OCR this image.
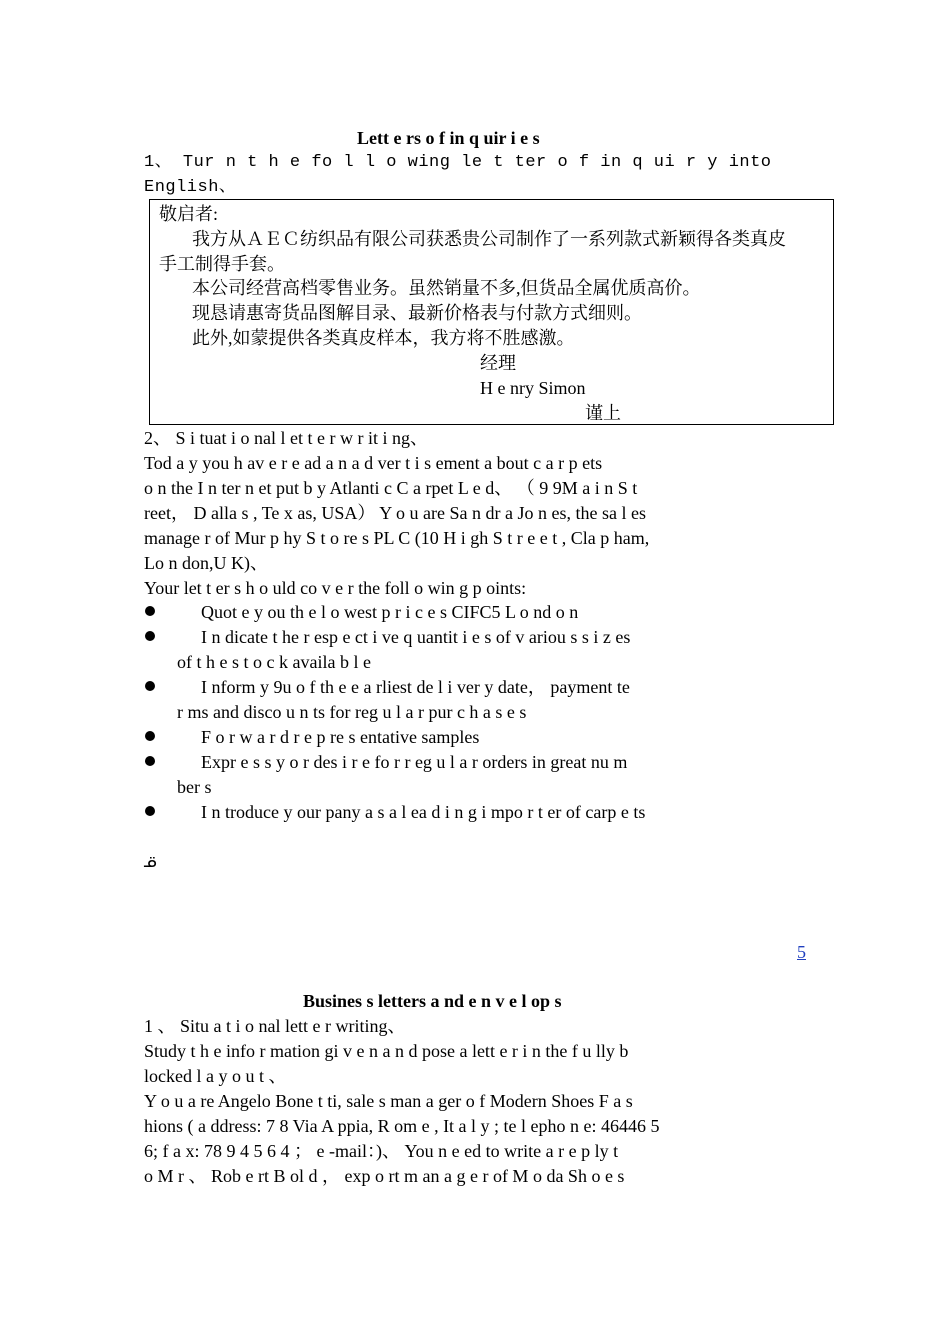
Lett e rs o f in q uir i e s
1、 Tur n t h e fo l l o wing le t ter o f in q ui r y into
English、
敬启者:
我方从ＡＥＣ纺织品有限公司获悉贵公司制作了一系列款式新颖得各类真皮
手工制得手套。
本公司经营高档零售业务。虽然销量不多,但货品全属优质高价。
现恳请惠寄货品图解目录、最新价格表与付款方式细则。
此外,如蒙提供各类真皮样本，我方将不胜感激。
经理
H e nry Simon
谨上
2、 S i tuat i o nal l et t e r w r it i ng、
Tod a y you h av e r e ad a n a d ver t i s ement a bout c a r p ets
o n the I n ter n et put b y Atlanti c C a rpet L e d、 （ 9 9M a i n S t
reet， D alla s , Te x as, USA） Y o u are Sa n dr a Jo n es, the sa l es
manage r of Mur p hy S t o re s PL C (10 H i gh S t r e e t , Cla p ham,
Lo n don,U K)、
Your let t er s h o uld co v e r the foll o win g p oints:
Quot e y ou th e l o west p r i c e s CIFC5 L o nd o n
I n dicate t he r esp e ct i ve q uantit i e s of v ariou s s i z es
of t h e s t o c k availa b l e
I nform y 9u o f th e e a rliest de l i ver y date， payment te
r ms and disco u n ts for reg u l a r pur c h a s e s
F o r w a r d r e p re s entative samples
Expr e s s y o r des i r e fo r r eg u l a r orders in great nu m
ber s
I n troduce y our pany a s a l ea d i n g i mpo r t er of carp e ts
ᓆ
5
Busines s letters a nd e n v e l op s
1 、 Situ a t i o nal lett e r writing、
Study t h e info r mation gi v e n a n d pose a lett e r i n the f u lly b
locked l a y o u t 、
Y o u a re Angelo Bone t ti, sale s man a ger o f Modern Shoes F a s
hions ( a ddress: 7 8 Via A ppia, R om e , It a l y ; te l epho n e: 46446 5
6; f a x: 78 9 4 5 6 4 ； e -mail：)、 You n e ed to write a r e p ly t
o M r 、 Rob e rt B ol d ， exp o rt m an a g e r of M o da Sh o e s
